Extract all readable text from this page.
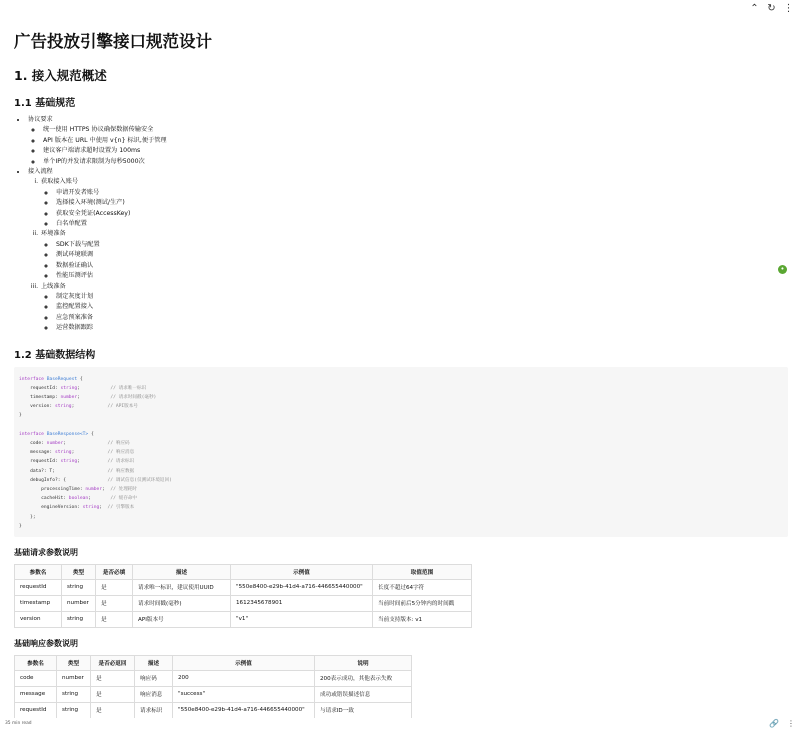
⌃ ↻ ⋮
广告投放引擎接口规范设计
1. 接入规范概述
1.1 基础规范
• 协议要求
◦ 统一使用 HTTPS 协议确保数据传输安全
◦ API 版本在 URL 中使用 v{n} 标识,便于管理
◦ 建议客户端请求超时设置为 100ms
◦ 单个IP的并发请求限制为每秒5000次
• 接入流程
i. 获取接入账号
◦ 申请开发者账号
◦ 选择接入环境(测试/生产)
◦ 获取安全凭证(AccessKey)
◦ 白名单配置
ii. 环境准备
◦ SDK下载与配置
◦ 测试环境联调
◦ 数据验证确认
◦ 性能压测评估
iii. 上线准备
◦ 制定灰度计划
◦ 监控配置接入
◦ 应急预案准备
◦ 运营数据跟踪
1.2 基础数据结构
interface BaseRequest {
requestId: string;           // 请求唯一标识
timestamp: number;           // 请求时间戳(毫秒)
version: string;            // API版本号
}

interface BaseResponse<T> {
code: number;               // 响应码
message: string;            // 响应消息
requestId: string;          // 请求标识
data?: T;	// 响应数据
debugInfo?: {	// 调试信息(仅测试环境返回)
processingTime: number;  // 处理耗时
cacheHit: boolean;       // 缓存命中
engineVersion: string;  // 引擎版本
};
}
基础请求参数说明
参数名	类型	是否必填	描述	示例值	取值范围
requestId	string	是	请求唯一标识，建议使用UUID	"550e8400-e29b-41d4-a716-446655440000"	长度不超过64字符
timestamp	number	是	请求时间戳(毫秒)	1612345678901	当前时间前后5分钟内的时间戳
version	string	是	API版本号	"v1"	当前支持版本: v1
基础响应参数说明
参数名	类型	是否必返回	描述	示例值	说明
code	number	是	响应码	200	200表示成功，其他表示失败
message	string	是	响应消息	"success"	成功或错误描述信息
requestId	string	是	请求标识	"550e8400-e29b-41d4-a716-446655440000"	与请求ID一致

•
35 min read	🔗 ⋮
